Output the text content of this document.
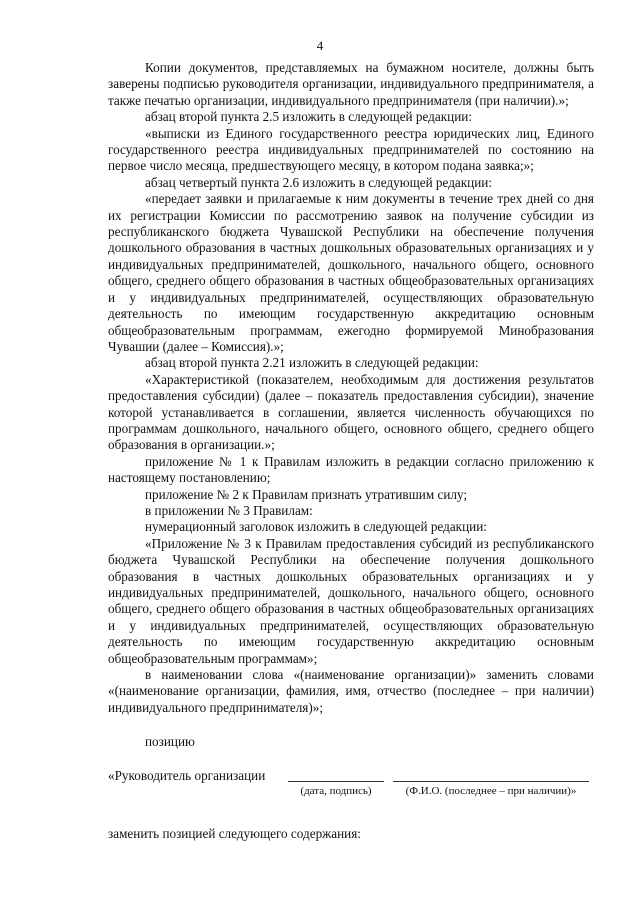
4

Копии документов, представляемых на бумажном носителе, должны быть заверены подписью руководителя организации, индивидуального предпринимателя, а также печатью организации, индивидуального предпринимателя (при наличии).»;

абзац второй пункта 2.5 изложить в следующей редакции:

«выписки из Единого государственного реестра юридических лиц, Единого государственного реестра индивидуальных предпринимателей по состоянию на первое число месяца, предшествующего месяцу, в котором подана заявка;»;

абзац четвертый пункта 2.6 изложить в следующей редакции:

«передает заявки и прилагаемые к ним документы в течение трех дней со дня их регистрации Комиссии по рассмотрению заявок на получение субсидии из республиканского бюджета Чувашской Республики на обеспечение получения дошкольного образования в частных дошкольных образовательных организациях и у индивидуальных предпринимателей, дошкольного, начального общего, основного общего, среднего общего образования в частных общеобразовательных организациях и у индивидуальных предпринимателей, осуществляющих образовательную деятельность по имеющим государственную аккредитацию основным общеобразовательным программам, ежегодно формируемой Минобразования Чувашии (далее – Комиссия).»;

абзац второй пункта 2.21 изложить в следующей редакции:

«Характеристикой (показателем, необходимым для достижения результатов предоставления субсидии) (далее – показатель предоставления субсидии), значение которой устанавливается в соглашении, является численность обучающихся по программам дошкольного, начального общего, основного общего, среднего общего образования в организации.»;

приложение № 1 к Правилам изложить в редакции согласно приложению к настоящему постановлению;

приложение № 2 к Правилам признать утратившим силу;

в приложении № 3 Правилам:

нумерационный заголовок изложить в следующей редакции:

«Приложение № 3 к Правилам предоставления субсидий из республиканского бюджета Чувашской Республики на обеспечение получения дошкольного образования в частных дошкольных образовательных организациях и у индивидуальных предпринимателей, дошкольного, начального общего, основного общего, среднего общего образования в частных общеобразовательных организациях и у индивидуальных предпринимателей, осуществляющих образовательную деятельность по имеющим государственную аккредитацию основным общеобразовательным программам»;

в наименовании слова «(наименование организации)» заменить словами «(наименование организации, фамилия, имя, отчество (последнее – при наличии) индивидуального предпринимателя)»;

позицию

«Руководитель организации
(дата, подпись)	(Ф.И.О. (последнее – при наличии)»

заменить позицией следующего содержания:
